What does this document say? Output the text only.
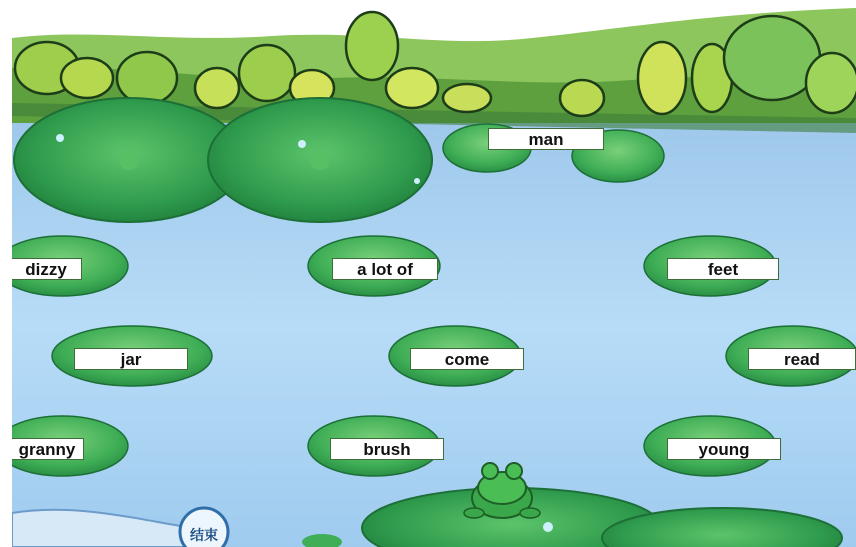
结束
man
dizzy	a lot of	feet
jar	come	read
granny	brush	young
